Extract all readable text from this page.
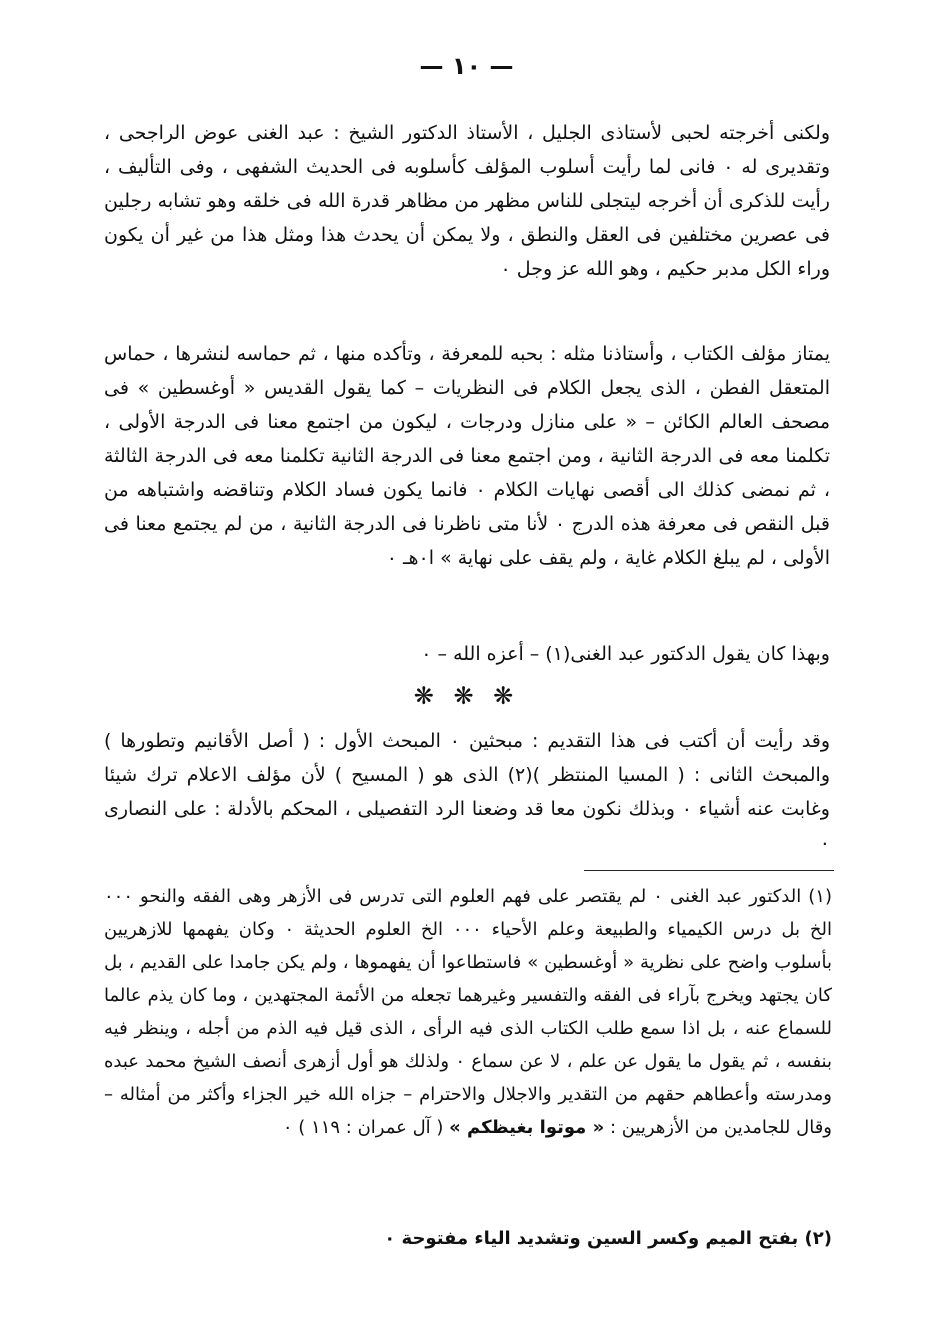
— ١٠ —

ولكنى أخرجته لحبى لأستاذى الجليل ، الأستاذ الدكتور الشيخ : عبد الغنى عوض الراجحى ، وتقديرى له ٠ فانى لما رأيت أسلوب المؤلف كأسلوبه فى الحديث الشفهى ، وفى التأليف ، رأيت للذكرى أن أخرجه ليتجلى للناس مظهر من مظاهر قدرة الله فى خلقه وهو تشابه رجلين فى عصرين مختلفين فى العقل والنطق ، ولا يمكن أن يحدث هذا ومثل هذا من غير أن يكون وراء الكل مدبر حكيم ، وهو الله عز وجل ٠

يمتاز مؤلف الكتاب ، وأستاذنا مثله : بحبه للمعرفة ، وتأكده منها ، ثم حماسه لنشرها ، حماس المتعقل الفطن ، الذى يجعل الكلام فى النظريات – كما يقول القديس « أوغسطين » فى مصحف العالم الكائن – « على منازل ودرجات ، ليكون من اجتمع معنا فى الدرجة الأولى ، تكلمنا معه فى الدرجة الثانية ، ومن اجتمع معنا فى الدرجة الثانية تكلمنا معه فى الدرجة الثالثة ، ثم نمضى كذلك الى أقصى نهايات الكلام ٠ فانما يكون فساد الكلام وتناقضه واشتباهه من قبل النقص فى معرفة هذه الدرج ٠ لأنا متى ناظرنا فى الدرجة الثانية ، من لم يجتمع معنا فى الأولى ، لم يبلغ الكلام غاية ، ولم يقف على نهاية » ا٠هـ ٠

وبهذا كان يقول الدكتور عبد الغنى(١) – أعزه الله – ٠

❋ ❋ ❋

وقد رأيت أن أكتب فى هذا التقديم : مبحثين ٠ المبحث الأول : ( أصل الأقانيم وتطورها ) والمبحث الثانى : ( المسيا المنتظر )(٢) الذى هو ( المسيح ) لأن مؤلف الاعلام ترك شيئا وغابت عنه أشياء ٠ وبذلك نكون معا قد وضعنا الرد التفصيلى ، المحكم بالأدلة : على النصارى ٠

(١) الدكتور عبد الغنى ٠ لم يقتصر على فهم العلوم التى تدرس فى الأزهر وهى الفقه والنحو ٠٠٠ الخ بل درس الكيمياء والطبيعة وعلم الأحياء ٠٠٠ الخ العلوم الحديثة ٠ وكان يفهمها للازهريين بأسلوب واضح على نظرية « أوغسطين » فاستطاعوا أن يفهموها ، ولم يكن جامدا على القديم ، بل كان يجتهد ويخرج بآراء فى الفقه والتفسير وغيرهما تجعله من الأئمة المجتهدين ، وما كان يذم عالما للسماع عنه ، بل اذا سمع طلب الكتاب الذى فيه الرأى ، الذى قيل فيه الذم من أجله ، وينظر فيه بنفسه ، ثم يقول ما يقول عن علم ، لا عن سماع ٠ ولذلك هو أول أزهرى أنصف الشيخ محمد عبده ومدرسته وأعطاهم حقهم من التقدير والاجلال والاحترام – جزاه الله خير الجزاء وأكثر من أمثاله – وقال للجامدين من الأزهريين : « موتوا بغيظكم » ( آل عمران : ١١٩ ) ٠

(٢) بفتح الميم وكسر السين وتشديد الياء مفتوحة ٠
